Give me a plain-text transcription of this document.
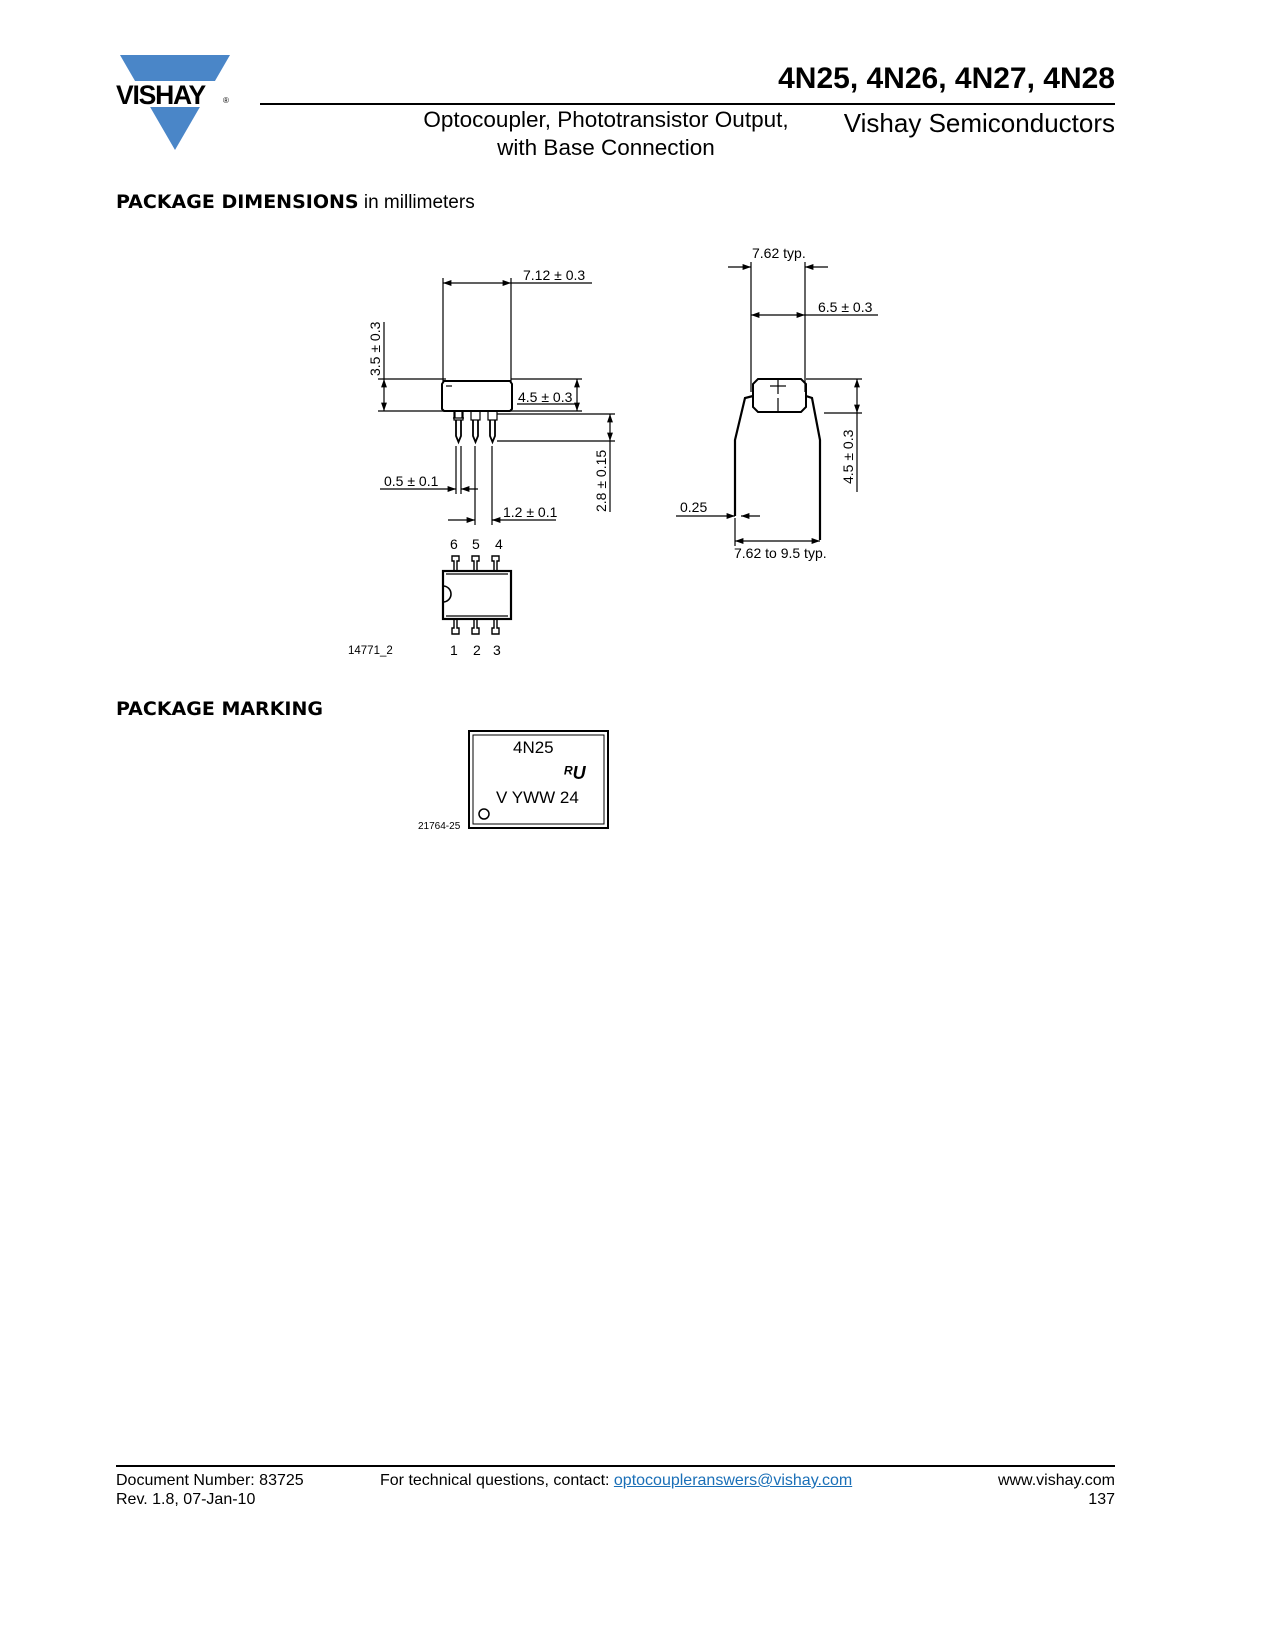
VISHAY ®
4N25, 4N26, 4N27, 4N28
Optocoupler, Phototransistor Output,
with Base Connection
Vishay Semiconductors
PACKAGE DIMENSIONS in millimeters
7.12 ± 0.3
3.5 ± 0.3
4.5 ± 0.3
2.8 ± 0.15
0.5 ± 0.1
1.2 ± 0.1
7.62 typ.
6.5 ± 0.3
4.5 ± 0.3
0.25
7.62 to 9.5 typ.
6 5 4
1 2 3
14771_2
4N25
ᴿU
V YWW 24
21764-25
PACKAGE MARKING
Document Number: 83725
Rev. 1.8, 07-Jan-10
For technical questions, contact: optocoupleranswers@vishay.com	www.vishay.com
137
